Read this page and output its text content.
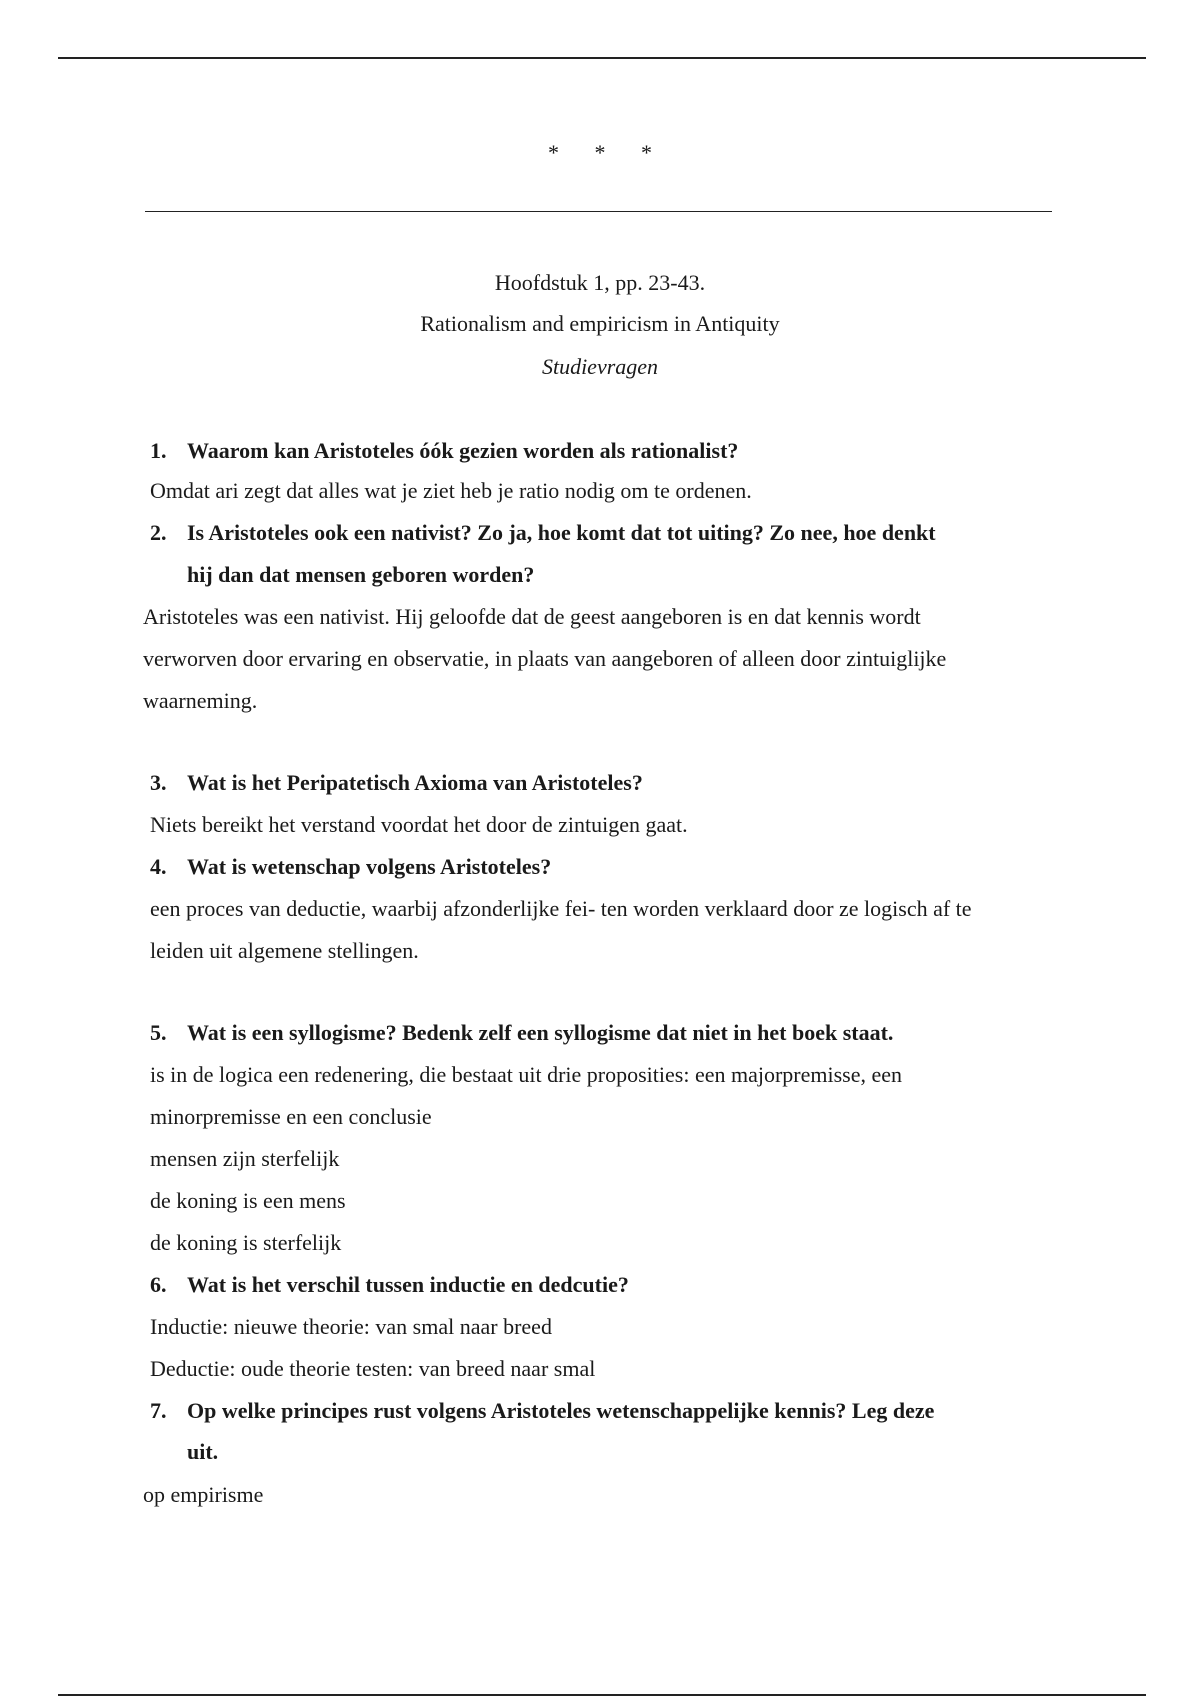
* * *
Hoofdstuk 1, pp. 23-43.
Rationalism and empiricism in Antiquity
Studievragen
1. Waarom kan Aristoteles óók gezien worden als rationalist?
Omdat ari zegt dat alles wat je ziet heb je ratio nodig om te ordenen.
2. Is Aristoteles ook een nativist? Zo ja, hoe komt dat tot uiting? Zo nee, hoe denkt
hij dan dat mensen geboren worden?
Aristoteles was een nativist. Hij geloofde dat de geest aangeboren is en dat kennis wordt
verworven door ervaring en observatie, in plaats van aangeboren of alleen door zintuiglijke
waarneming.
3. Wat is het Peripatetisch Axioma van Aristoteles?
Niets bereikt het verstand voordat het door de zintuigen gaat.
4. Wat is wetenschap volgens Aristoteles?
een proces van deductie, waarbij afzonderlijke fei- ten worden verklaard door ze logisch af te
leiden uit algemene stellingen.
5. Wat is een syllogisme? Bedenk zelf een syllogisme dat niet in het boek staat.
is in de logica een redenering, die bestaat uit drie proposities: een majorpremisse, een
minorpremisse en een conclusie
mensen zijn sterfelijk
de koning is een mens
de koning is sterfelijk
6. Wat is het verschil tussen inductie en dedcutie?
Inductie: nieuwe theorie: van smal naar breed
Deductie: oude theorie testen: van breed naar smal
7. Op welke principes rust volgens Aristoteles wetenschappelijke kennis? Leg deze
uit.
op empirisme
